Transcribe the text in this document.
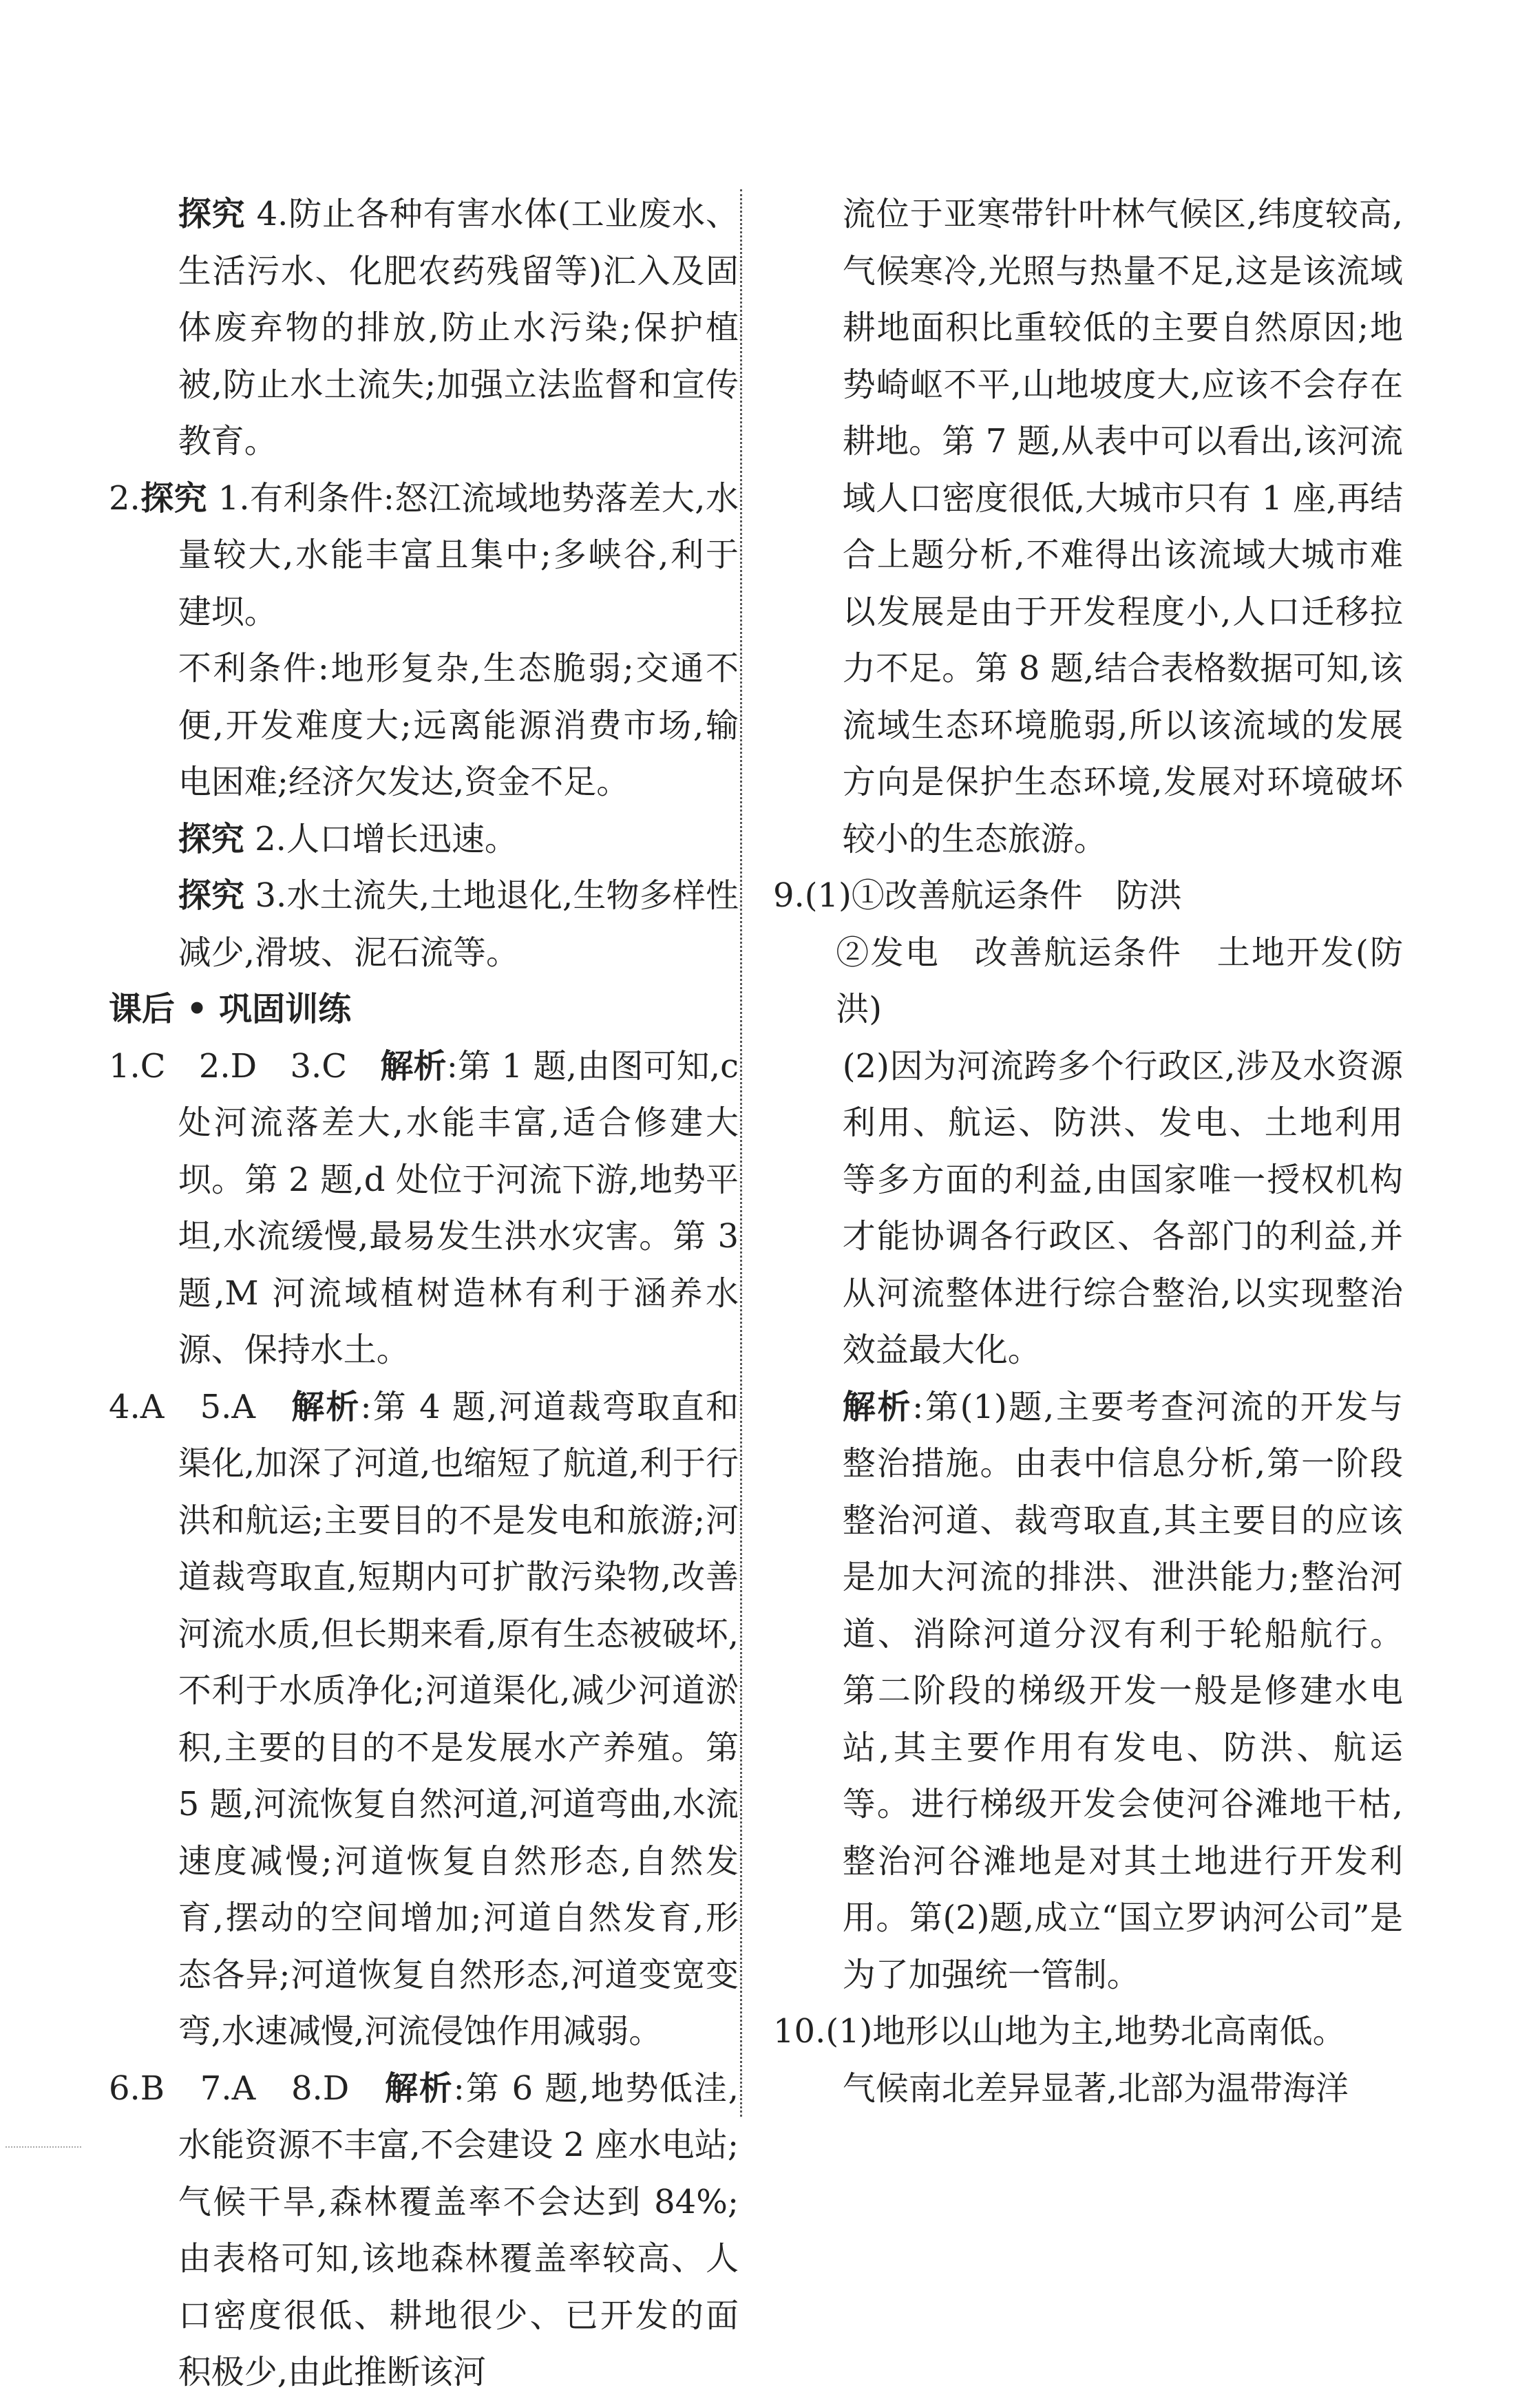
探究 4.防止各种有害水体(工业废水、生活污水、化肥农药残留等)汇入及固体废弃物的排放,防止水污染;保护植被,防止水土流失;加强立法监督和宣传教育。

2.探究 1.有利条件:怒江流域地势落差大,水量较大,水能丰富且集中;多峡谷,利于建坝。

不利条件:地形复杂,生态脆弱;交通不便,开发难度大;远离能源消费市场,输电困难;经济欠发达,资金不足。

探究 2.人口增长迅速。

探究 3.水土流失,土地退化,生物多样性减少,滑坡、泥石流等。

课后 • 巩固训练

1.C　2.D　3.C　解析:第 1 题,由图可知,c 处河流落差大,水能丰富,适合修建大坝。第 2 题,d 处位于河流下游,地势平坦,水流缓慢,最易发生洪水灾害。第 3 题,M 河流域植树造林有利于涵养水源、保持水土。

4.A　5.A　解析:第 4 题,河道裁弯取直和渠化,加深了河道,也缩短了航道,利于行洪和航运;主要目的不是发电和旅游;河道裁弯取直,短期内可扩散污染物,改善河流水质,但长期来看,原有生态被破坏,不利于水质净化;河道渠化,减少河道淤积,主要的目的不是发展水产养殖。第 5 题,河流恢复自然河道,河道弯曲,水流速度减慢;河道恢复自然形态,自然发育,摆动的空间增加;河道自然发育,形态各异;河道恢复自然形态,河道变宽变弯,水速减慢,河流侵蚀作用减弱。

6.B　7.A　8.D　解析:第 6 题,地势低洼,水能资源不丰富,不会建设 2 座水电站;气候干旱,森林覆盖率不会达到 84%;由表格可知,该地森林覆盖率较高、人口密度很低、耕地很少、已开发的面积极少,由此推断该河

流位于亚寒带针叶林气候区,纬度较高,气候寒冷,光照与热量不足,这是该流域耕地面积比重较低的主要自然原因;地势崎岖不平,山地坡度大,应该不会存在耕地。第 7 题,从表中可以看出,该河流域人口密度很低,大城市只有 1 座,再结合上题分析,不难得出该流域大城市难以发展是由于开发程度小,人口迁移拉力不足。第 8 题,结合表格数据可知,该流域生态环境脆弱,所以该流域的发展方向是保护生态环境,发展对环境破坏较小的生态旅游。

9.(1)①改善航运条件　防洪
②发电　改善航运条件　土地开发(防洪)

(2)因为河流跨多个行政区,涉及水资源利用、航运、防洪、发电、土地利用等多方面的利益,由国家唯一授权机构才能协调各行政区、各部门的利益,并从河流整体进行综合整治,以实现整治效益最大化。

解析:第(1)题,主要考查河流的开发与整治措施。由表中信息分析,第一阶段整治河道、裁弯取直,其主要目的应该是加大河流的排洪、泄洪能力;整治河道、消除河道分汊有利于轮船航行。第二阶段的梯级开发一般是修建水电站,其主要作用有发电、防洪、航运等。进行梯级开发会使河谷滩地干枯,整治河谷滩地是对其土地进行开发利用。第(2)题,成立“国立罗讷河公司”是为了加强统一管制。

10.(1)地形以山地为主,地势北高南低。
气候南北差异显著,北部为温带海洋
